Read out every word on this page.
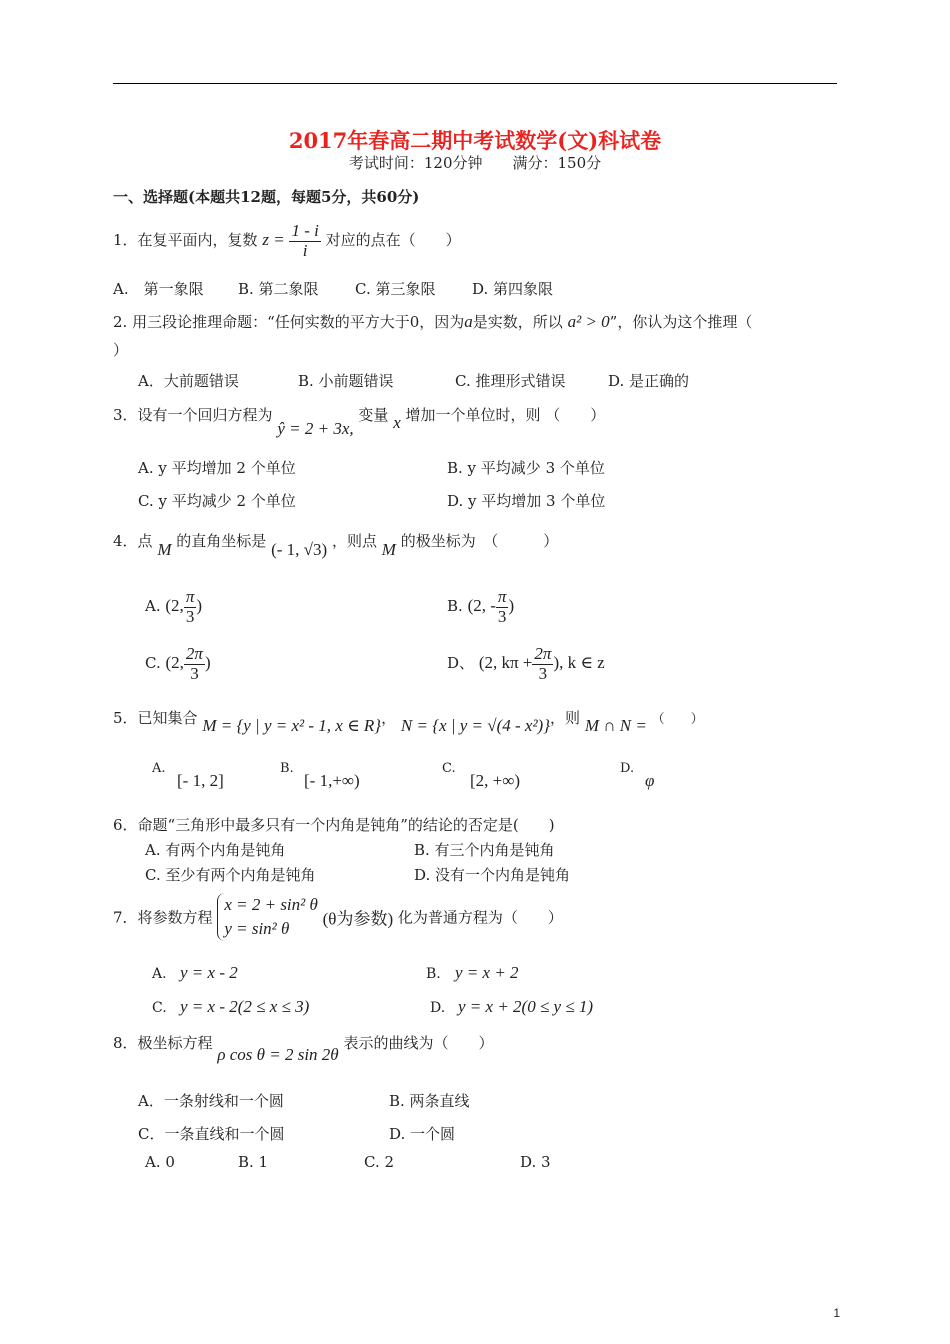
2017年春高二期中考试数学(文)科试卷
考试时间：120分钟　　满分：150分
一、选择题(本题共12题，每题5分，共60分)
1．在复平面内，复数 $z = \frac{1 - i}{i}$ 对应的点在（　　）
A.　第一象限 B. 第二象限 C. 第三象限 D. 第四象限
2. 用三段论推理命题：“任何实数的平方大于0，因为a是实数，所以 a² > 0”，你认为这个推理（
）
A．大前题错误	B. 小前题错误	C. 推理形式错误	D. 是正确的
3．设有一个回归方程为 ŷ = 2 + 3x, 变量 x 增加一个单位时，则 （　　）
A. y 平均增加 2 个单位	B. y 平均减少 3 个单位
C. y 平均减少 2 个单位	D. y 平均增加 3 个单位
4．点 M 的直角坐标是 (- 1, √3) ，则点 M 的极坐标为　（　　　）
A. (2, $\frac{\pi}{3}$ )	B. (2, - $\frac{\pi}{3}$ )
C. (2, $\frac{2\pi}{3}$ )	D、 (2, $k\pi + \frac{2\pi}{3}$ ), k ∈ z
5．已知集合 M = {y | y = x² - 1, x ∈ R}， N = {x | y = √(4 - x²)}，则 M ∩ N = （　　）
A.
[- 1, 2]
B.
[- 1,+∞)
C.
[2, +∞)
D.
φ
6．命题“三角形中最多只有一个内角是钝角”的结论的否定是(　　)
A. 有两个内角是钝角	B. 有三个内角是钝角
C. 至少有两个内角是钝角	D. 没有一个内角是钝角
7．将参数方程
x = 2 + sin² θ
y = sin² θ	(θ为参数) 化为普通方程为（　　）
A. y = x - 2	B. y = x + 2
C. y = x - 2(2 ≤ x ≤ 3)	D. y = x + 2(0 ≤ y ≤ 1)
8．极坐标方程 ρ cos θ = 2 sin 2θ 表示的曲线为（　　）
A．一条射线和一个圆	B. 两条直线
C．一条直线和一个圆	D. 一个圆
A. 0	B. 1	C. 2	D. 3
1
